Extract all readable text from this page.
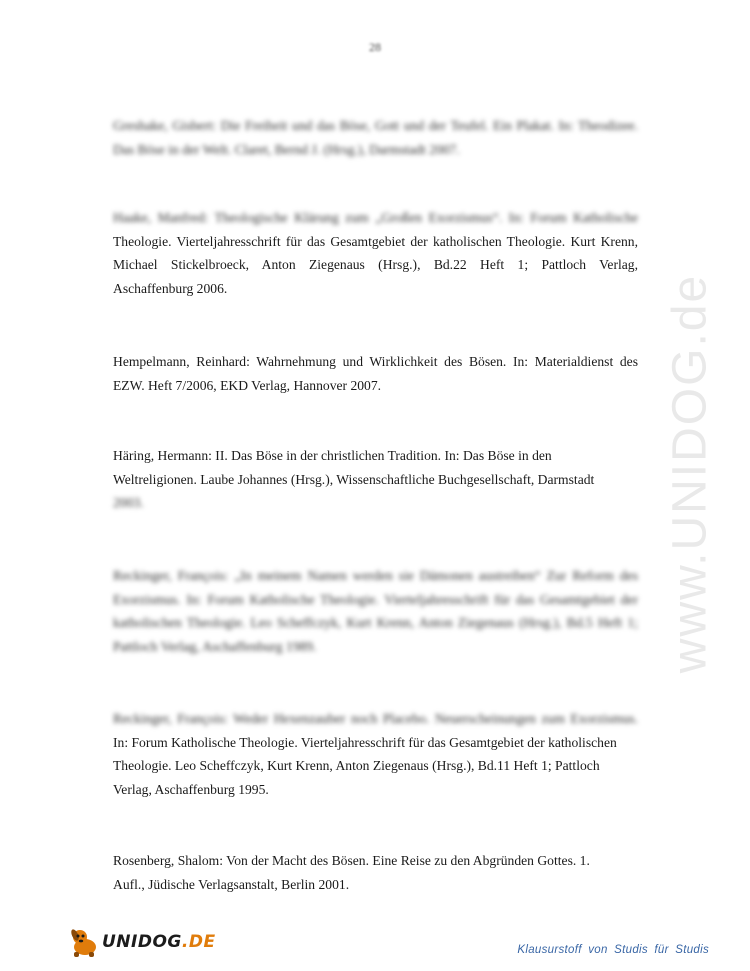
28
www.UNIDOG.de
Greshake, Gisbert: Die Freiheit und das Böse, Gott und der Teufel. Ein Plakat. In: Theodizee.
Das Böse in der Welt. Claret, Bernd J. (Hrsg.), Darmstadt 2007.
Haake, Manfred: Theologische Klärung zum „Großen Exorzismus“. In: Forum Katholische
Theologie. Vierteljahresschrift für das Gesamtgebiet der katholischen Theologie. Kurt Krenn,
Michael Stickelbroeck, Anton Ziegenaus (Hrsg.), Bd.22 Heft 1; Pattloch Verlag,
Aschaffenburg 2006.
Hempelmann, Reinhard: Wahrnehmung und Wirklichkeit des Bösen. In: Materialdienst des
EZW. Heft 7/2006, EKD Verlag, Hannover 2007.
Häring, Hermann: II. Das Böse in der christlichen Tradition. In: Das Böse in den
Weltreligionen. Laube Johannes (Hrsg.), Wissenschaftliche Buchgesellschaft, Darmstadt
2003.
Reckinger, François: „In meinem Namen werden sie Dämonen austreiben“ Zur Reform des
Exorzismus. In: Forum Katholische Theologie. Vierteljahresschrift für das Gesamtgebiet der
katholischen Theologie. Leo Scheffczyk, Kurt Krenn, Anton Ziegenaus (Hrsg.), Bd.5 Heft 1;
Pattloch Verlag, Aschaffenburg 1989.
Reckinger, François: Weder Hexenzauber noch Placebo. Neuerscheinungen zum Exorzismus.
In: Forum Katholische Theologie. Vierteljahresschrift für das Gesamtgebiet der katholischen
Theologie. Leo Scheffczyk, Kurt Krenn, Anton Ziegenaus (Hrsg.), Bd.11 Heft 1; Pattloch
Verlag, Aschaffenburg 1995.
Rosenberg, Shalom: Von der Macht des Bösen. Eine Reise zu den Abgründen Gottes. 1.
Aufl., Jüdische Verlagsanstalt, Berlin 2001.
UNIDOG.DE	Klausurstoff von Studis für Studis
